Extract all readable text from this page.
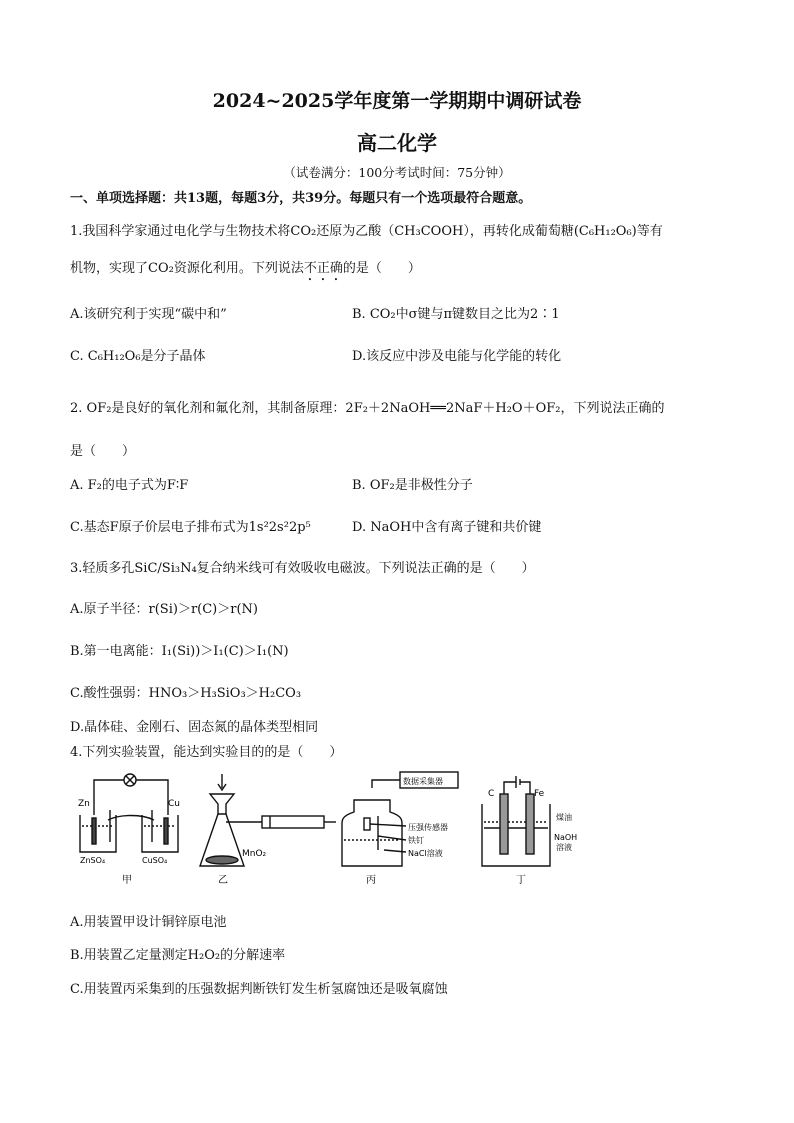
2024~2025学年度第一学期期中调研试卷
高二化学
（试卷满分：100分考试时间：75分钟）
一、单项选择题：共13题，每题3分，共39分。每题只有一个选项最符合题意。
1.我国科学家通过电化学与生物技术将CO₂还原为乙酸（CH₃COOH），再转化成葡萄糖(C₆H₁₂O₆)等有
机物，实现了CO₂资源化利用。下列说法不正确的是（　　）
A.该研究利于实现“碳中和”	B. CO₂中σ键与π键数目之比为2∶1
C. C₆H₁₂O₆是分子晶体	D.该反应中涉及电能与化学能的转化
2. OF₂是良好的氧化剂和氟化剂，其制备原理：2F₂＋2NaOH══2NaF＋H₂O＋OF₂，下列说法正确的
是（　　）
A. F₂的电子式为F∶F	B. OF₂是非极性分子
C.基态F原子价层电子排布式为1s²2s²2p⁵	D. NaOH中含有离子键和共价键
3.轻质多孔SiC/Si₃N₄复合纳米线可有效吸收电磁波。下列说法正确的是（　　）
A.原子半径：r(Si)＞r(C)＞r(N)
B.第一电离能：I₁(Si))＞I₁(C)＞I₁(N)
C.酸性强弱：HNO₃＞H₃SiO₃＞H₂CO₃
D.晶体硅、金刚石、固态氮的晶体类型相同
4.下列实验装置，能达到实验目的的是（　　）
Zn	Cu
ZnSO₄	CuSO₄
甲
MnO₂
乙
数据采集器
压强传感器
铁钉
NaCl溶液
丙
C	Fe
煤油
NaOH
溶液
丁
A.用装置甲设计铜锌原电池
B.用装置乙定量测定H₂O₂的分解速率
C.用装置丙采集到的压强数据判断铁钉发生析氢腐蚀还是吸氧腐蚀
